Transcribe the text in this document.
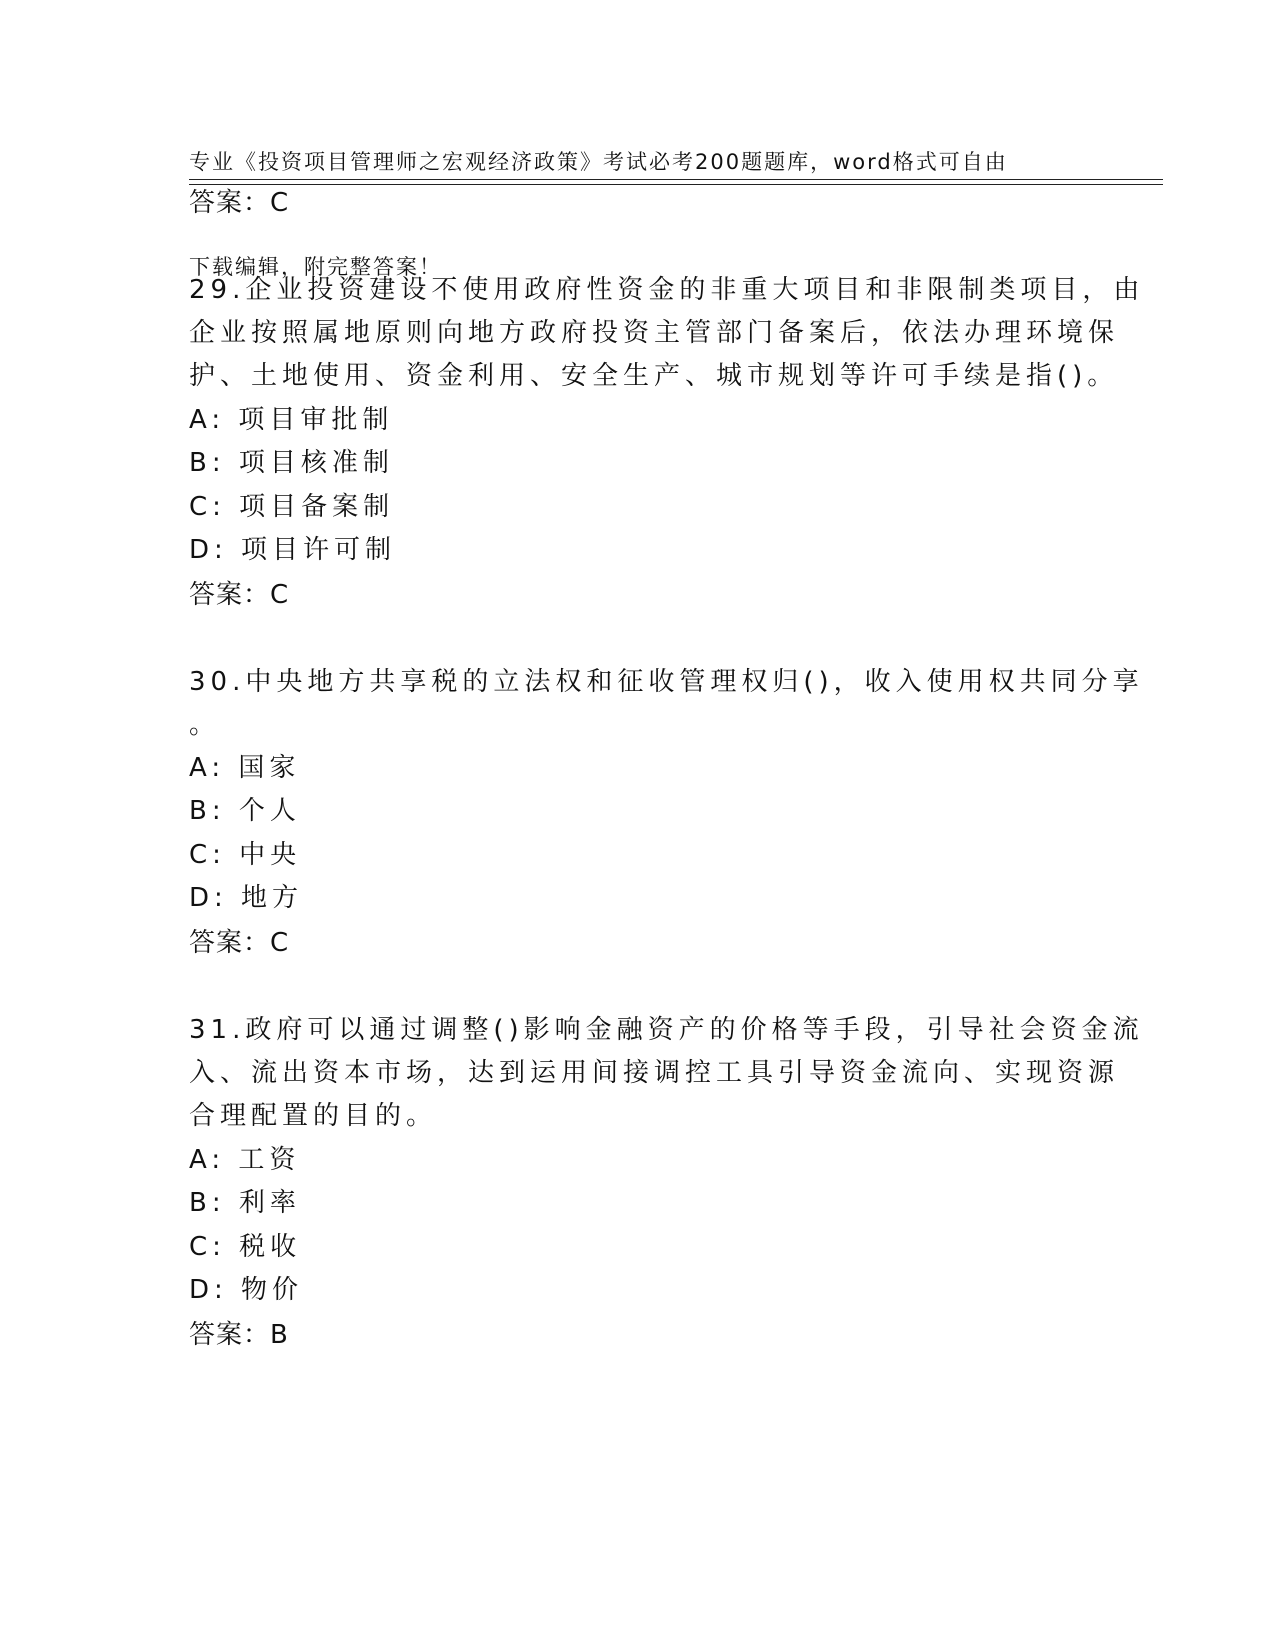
专业《投资项目管理师之宏观经济政策》考试必考200题题库，word格式可自由

下载编辑，附完整答案！

答案：C
29.企业投资建设不使用政府性资金的非重大项目和非限制类项目，由
企业按照属地原则向地方政府投资主管部门备案后，依法办理环境保
护、土地使用、资金利用、安全生产、城市规划等许可手续是指()。
A: 项目审批制
B: 项目核准制
C: 项目备案制
D: 项目许可制
答案：C
30.中央地方共享税的立法权和征收管理权归()，收入使用权共同分享
。
A: 国家
B: 个人
C: 中央
D: 地方
答案：C
31.政府可以通过调整()影响金融资产的价格等手段，引导社会资金流
入、流出资本市场，达到运用间接调控工具引导资金流向、实现资源
合理配置的目的。
A: 工资
B: 利率
C: 税收
D: 物价
答案：B
